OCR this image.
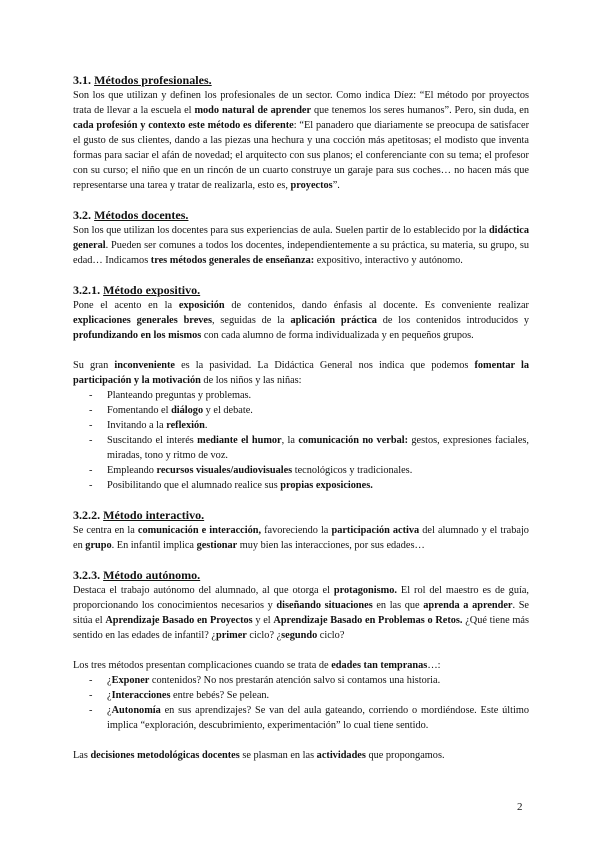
3.1. Métodos profesionales.

Son los que utilizan y definen los profesionales de un sector. Como indica Díez: “El método por proyectos trata de llevar a la escuela el modo natural de aprender que tenemos los seres humanos”. Pero, sin duda, en cada profesión y contexto este método es diferente: “El panadero que diariamente se preocupa de satisfacer el gusto de sus clientes, dando a las piezas una hechura y una cocción más apetitosas; el modisto que inventa formas para saciar el afán de novedad; el arquitecto con sus planos; el conferenciante con su tema; el profesor con su curso; el niño que en un rincón de un cuarto construye un garaje para sus coches… no hacen más que representarse una tarea y tratar de realizarla, esto es, proyectos”.

3.2. Métodos docentes.

Son los que utilizan los docentes para sus experiencias de aula. Suelen partir de lo establecido por la didáctica general. Pueden ser comunes a todos los docentes, independientemente a su práctica, su materia, su grupo, su edad… Indicamos tres métodos generales de enseñanza: expositivo, interactivo y autónomo.

3.2.1. Método expositivo.

Pone el acento en la exposición de contenidos, dando énfasis al docente. Es conveniente realizar explicaciones generales breves, seguidas de la aplicación práctica de los contenidos introducidos y profundizando en los mismos con cada alumno de forma individualizada y en pequeños grupos.

Su gran inconveniente es la pasividad. La Didáctica General nos indica que podemos fomentar la participación y la motivación de los niños y las niñas:

- Planteando preguntas y problemas.
- Fomentando el diálogo y el debate.
- Invitando a la reflexión.
- Suscitando el interés mediante el humor, la comunicación no verbal: gestos, expresiones faciales, miradas, tono y ritmo de voz.
- Empleando recursos visuales/audiovisuales tecnológicos y tradicionales.
- Posibilitando que el alumnado realice sus propias exposiciones.
3.2.2. Método interactivo.

Se centra en la comunicación e interacción, favoreciendo la participación activa del alumnado y el trabajo en grupo. En infantil implica gestionar muy bien las interacciones, por sus edades…

3.2.3. Método autónomo.

Destaca el trabajo autónomo del alumnado, al que otorga el protagonismo. El rol del maestro es de guía, proporcionando los conocimientos necesarios y diseñando situaciones en las que aprenda a aprender. Se sitúa el Aprendizaje Basado en Proyectos y el Aprendizaje Basado en Problemas o Retos. ¿Qué tiene más sentido en las edades de infantil? ¿primer ciclo? ¿segundo ciclo?

Los tres métodos presentan complicaciones cuando se trata de edades tan tempranas…:

- ¿Exponer contenidos? No nos prestarán atención salvo si contamos una historia.
- ¿Interacciones entre bebés? Se pelean.
- ¿Autonomía en sus aprendizajes? Se van del aula gateando, corriendo o mordiéndose. Este último implica “exploración, descubrimiento, experimentación” lo cual tiene sentido.

Las decisiones metodológicas docentes se plasman en las actividades que propongamos.

2
